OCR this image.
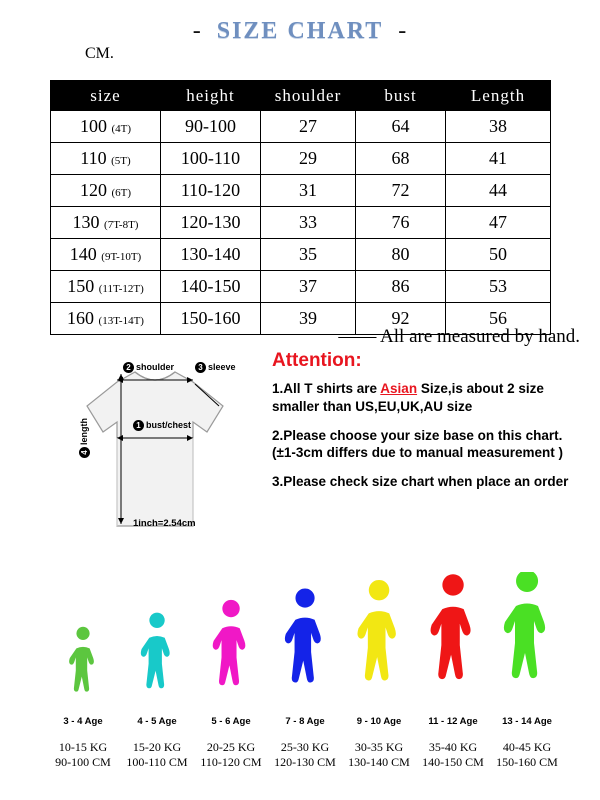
- SIZE CHART -
CM.
size	height	shoulder	bust	Length
100 (4T)	90-100	27	64	38
110 (5T)	100-110	29	68	41
120 (6T)	110-120	31	72	44
130 (7T-8T)	120-130	33	76	47
140 (9T-10T)	130-140	35	80	50
150 (11T-12T)	140-150	37	86	53
160 (13T-14T)	150-160	39	92	56
—— All are measured by hand.
2 shoulder	3 sleeve
1 bust/chest
4length
1inch=2.54cm
Attention:

1.All T shirts are Asian Size,is about 2 size smaller than US,EU,UK,AU size

2.Please choose your size base on this chart.(±1-3cm differs due to manual measurement )

3.Please check size chart when place an order

3 - 4 Age
10-15 KG
90-100 CM
4 - 5 Age
15-20 KG
100-110 CM
5 - 6 Age
20-25 KG
110-120 CM
7 - 8 Age
25-30 KG
120-130 CM
9 - 10 Age
30-35 KG
130-140 CM
11 - 12 Age
35-40 KG
140-150 CM
13 - 14 Age
40-45 KG
150-160 CM
